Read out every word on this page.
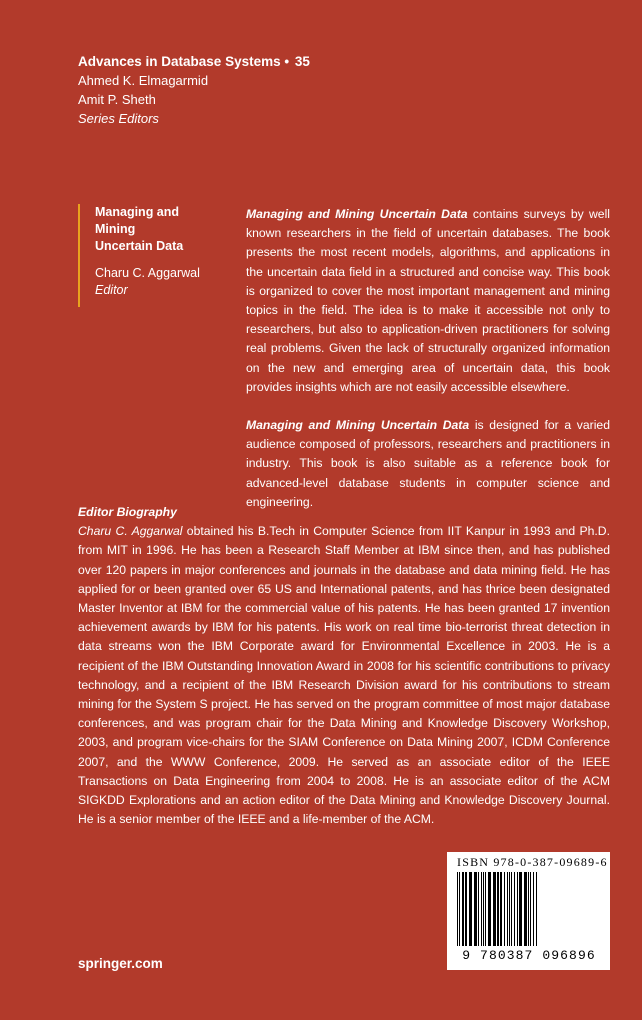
Advances in Database Systems • 35
Ahmed K. Elmagarmid
Amit P. Sheth
Series Editors
Managing and Mining
Uncertain Data
Charu C. Aggarwal
Editor

Managing and Mining Uncertain Data contains surveys by well known researchers in the field of uncertain databases. The book presents the most recent models, algorithms, and applications in the uncertain data field in a structured and concise way. This book is organized to cover the most important management and mining topics in the field. The idea is to make it accessible not only to researchers, but also to application-driven practitioners for solving real problems. Given the lack of structurally organized information on the new and emerging area of uncertain data, this book provides insights which are not easily accessible elsewhere.

Managing and Mining Uncertain Data is designed for a varied audience composed of professors, researchers and practitioners in industry. This book is also suitable as a reference book for advanced-level database students in computer science and engineering.

Editor Biography
Charu C. Aggarwal obtained his B.Tech in Computer Science from IIT Kanpur in 1993 and Ph.D. from MIT in 1996. He has been a Research Staff Member at IBM since then, and has published over 120 papers in major conferences and journals in the database and data mining field. He has applied for or been granted over 65 US and International patents, and has thrice been designated Master Inventor at IBM for the commercial value of his patents. He has been granted 17 invention achievement awards by IBM for his patents. His work on real time bio-terrorist threat detection in data streams won the IBM Corporate award for Environmental Excellence in 2003. He is a recipient of the IBM Outstanding Innovation Award in 2008 for his scientific contributions to privacy technology, and a recipient of the IBM Research Division award for his contributions to stream mining for the System S project. He has served on the program committee of most major database conferences, and was program chair for the Data Mining and Knowledge Discovery Workshop, 2003, and program vice-chairs for the SIAM Conference on Data Mining 2007, ICDM Conference 2007, and the WWW Conference, 2009. He served as an associate editor of the IEEE Transactions on Data Engineering from 2004 to 2008. He is an associate editor of the ACM SIGKDD Explorations and an action editor of the Data Mining and Knowledge Discovery Journal. He is a senior member of the IEEE and a life-member of the ACM.
ISBN 978-0-387-09689-6
9 780387 096896
springer.com
